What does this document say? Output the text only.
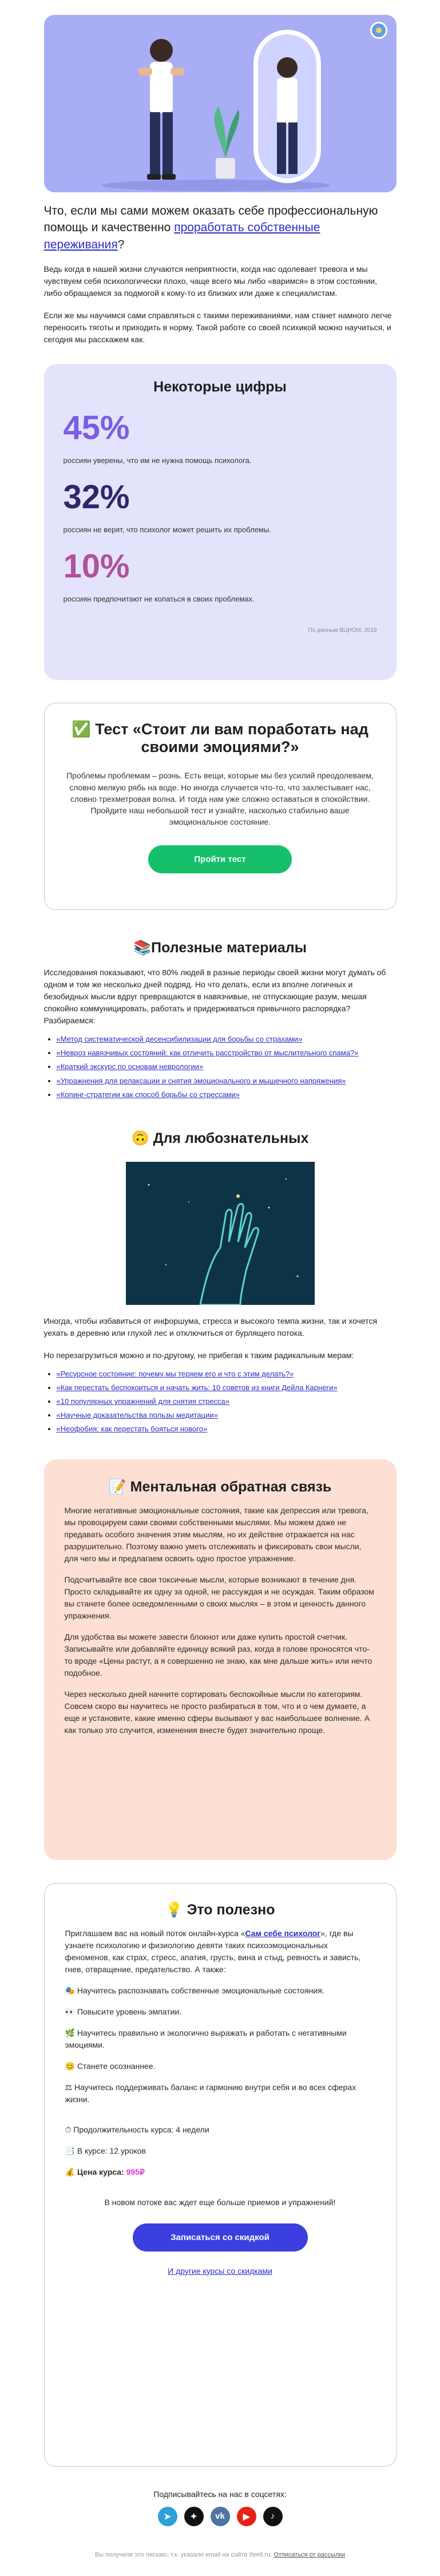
Что, если мы сами можем оказать себе профессиональную помощь и качественно проработать собственные переживания?

Ведь когда в нашей жизни случаются неприятности, когда нас одолевает тревога и мы чувствуем себя психологически плохо, чаще всего мы либо «варимся» в этом состоянии, либо обращаемся за подмогой к кому-то из близких или даже к специалистам.

Если же мы научимся сами справляться с такими переживаниями, нам станет намного легче переносить тяготы и приходить в норму. Такой работе со своей психикой можно научиться, и сегодня мы расскажем как.

Некоторые цифры
45%
россиян уверены, что им не нужна помощь психолога.
32%
россиян не верят, что психолог может решить их проблемы.
10%
россиян предпочитают не копаться в своих проблемах.
По данным ВЦИОМ, 2019
✅ Тест «Стоит ли вам поработать над своими эмоциями?»

Проблемы проблемам – рознь. Есть вещи, которые мы без усилий преодолеваем, словно мелкую рябь на воде. Но иногда случается что-то, что захлестывает нас, словно трехметровая волна. И тогда нам уже сложно оставаться в спокойствии. Пройдите наш небольшой тест и узнайте, насколько стабильно ваше эмоциональное состояние.

Пройти тест
📚Полезные материалы

Исследования показывают, что 80% людей в разные периоды своей жизни могут думать об одном и том же несколько дней подряд. Но что делать, если из вполне логичных и безобидных мысли вдруг превращаются в навязчивые, не отпускающие разум, мешая спокойно коммуницировать, работать и придерживаться привычного распорядка? Разбираемся:

• «Метод систематической десенсибилизации для борьбы со страхами»
• «Невроз навязчивых состояний: как отличить расстройство от мыслительного спама?»
• «Краткий экскурс по основам неврологии»
• «Упражнения для релаксации и снятия эмоционального и мышечного напряжения»
• «Копинг-стратегии как способ борьбы со стрессами»
🙃 Для любознательных

Иногда, чтобы избавиться от инфоршума, стресса и высокого темпа жизни, так и хочется уехать в деревню или глухой лес и отключиться от бурлящего потока.

Но перезагрузиться можно и по-другому, не прибегая к таким радикальным мерам:

• «Ресурсное состояние: почему мы теряем его и что с этим делать?»
• «Как перестать беспокоиться и начать жить: 10 советов из книги Дейла Карнеги»
• «10 популярных упражнений для снятия стресса»
• «Научные доказательства пользы медитации»
• «Неофобия: как перестать бояться нового»
📝 Ментальная обратная связь

Многие негативные эмоциональные состояния, такие как депрессия или тревога, мы провоцируем сами своими собственными мыслями. Мы можем даже не предавать особого значения этим мыслям, но их действие отражается на нас разрушительно. Поэтому важно уметь отслеживать и фиксировать свои мысли, для чего мы и предлагаем освоить одно простое упражнение.

Подсчитывайте все свои токсичные мысли, которые возникают в течение дня. Просто складывайте их одну за одной, не рассуждая и не осуждая. Таким образом вы станете более осведомленными о своих мыслях – в этом и ценность данного упражнения.

Для удобства вы можете завести блокнот или даже купить простой счетчик. Записывайте или добавляйте единицу всякий раз, когда в голове проносятся что-то вроде «Цены растут, а я совершенно не знаю, как мне дальше жить» или нечто подобное.

Через несколько дней начните сортировать беспокойные мысли по категориям. Совсем скоро вы научитесь не просто разбираться в том, что и о чем думаете, а еще и установите, какие именно сферы вызывают у вас наибольшее волнение. А как только это случится, изменения внесте будет значительно проще.

💡 Это полезно

Приглашаем вас на новый поток онлайн-курса «Сам себе психолог», где вы узнаете психологию и физиологию девяти таких психоэмоциональных феноменов, как страх, стресс, апатия, грусть, вина и стыд, ревность и зависть, гнев, отвращение, предательство. А также:

🎭 Научитесь распознавать собственные эмоциональные состояния.

👀 Повысите уровень эмпатии.

🌿 Научитесь правильно и экологично выражать и работать с негативными эмоциями.

😊 Станете осознаннее.

⚖ Научитесь поддерживать баланс и гармонию внутри себя и во всех сферах жизни.

⏱ Продолжительность курса: 4 недели

📑 В курсе: 12 уроков

💰 Цена курса: 995₽

В новом потоке вас ждет еще больше приемов и упражнений!

Записаться со скидкой

И другие курсы со скидками

Подписывайтесь на нас в соцсетях:

➤	✦	vk	▶	♪

Вы получили это письмо, т.к. указали email на сайте Ifeelt.ru. Отписаться от рассылки
